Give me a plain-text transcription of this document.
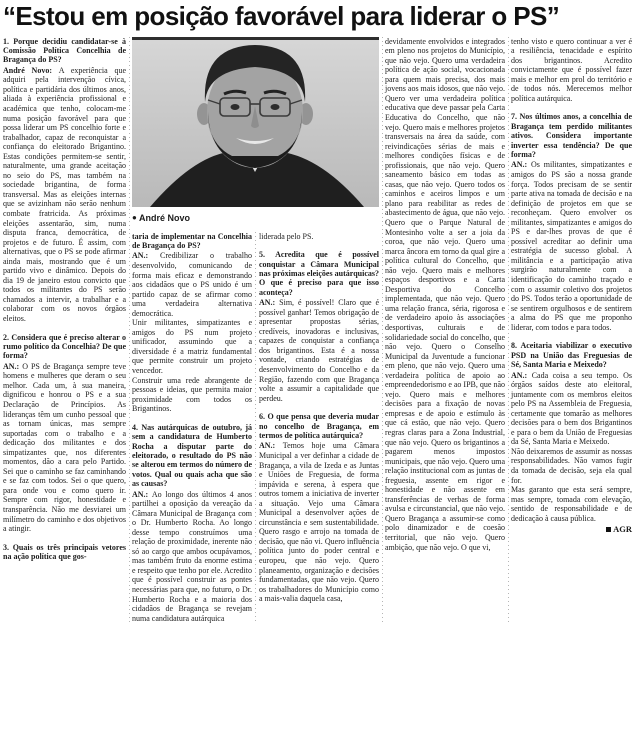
“Estou em posição favorável para liderar o PS”

1. Porque decidiu candidatar-se à Comissão Política Concelhia de Bragança do PS?

André Novo: A experiência que adquiri pela intervenção cívica, política e partidária dos últimos anos, aliada à experiência profissional e académica que tenho, colocam-me numa posição favorável para que possa liderar um PS concelhio forte e trabalhador, capaz de reconquistar a confiança do eleitorado Brigantino. Estas condições permitem-se sentir, naturalmente, uma grande aceitação no seio do PS, mas também na sociedade brigantina, de forma transversal. Mas as eleições internas que se avizinham não serão nenhum combate fratricida. As próximas eleições assentarão, sim, numa disputa franca, democrática, de projetos e de futuro. É assim, com alternativas, que o PS se pode afirmar ainda mais, mostrando que é um partido vivo e dinâmico. Depois do dia 19 de janeiro estou convicto que todos os militantes do PS serão chamados a intervir, a trabalhar e a colaborar com os novos órgãos eleitos.

2. Considera que é preciso alterar o rumo político da Concelhia? De que forma?

AN.: O PS de Bragança sempre teve homens e mulheres que deram o seu melhor. Cada um, à sua maneira, dignificou e honrou o PS e a sua Declaração de Princípios. As lideranças têm um cunho pessoal que as tornam únicas, mas sempre suportadas com o trabalho e a dedicação dos militantes e dos simpatizantes que, nos diferentes momentos, dão a cara pelo Partido. Sei que o caminho se faz caminhando e se faz com todos. Sei o que quero, para onde vou e como quero ir. Sempre com rigor, honestidade e transparência. Não me desviarei um milímetro do caminho e dos objetivos a atingir.

3. Quais os três principais vetores na ação política que gos-

● André Novo

taria de implementar na Concelhia de Bragança do PS?

AN.: Credibilizar o trabalho desenvolvido, comunicando de forma mais eficaz e demonstrando aos cidadãos que o PS unido é um partido capaz de se afirmar como uma verdadeira alternativa democrática.

Unir militantes, simpatizantes e amigos do PS num projeto unificador, assumindo que a diversidade é a matriz fundamental que permite construir um projeto vencedor.

Construir uma rede abrangente de pessoas e ideias, que permita maior proximidade com todos os Brigantinos.

4. Nas autárquicas de outubro, já sem a candidatura de Humberto Rocha a disputar parte do eleitorado, o resultado do PS não se alterou em termos do número de votos. Qual ou quais acha que são as causas?

AN.: Ao longo dos últimos 4 anos partilhei a oposição da vereação da Câmara Municipal de Bragança com o Dr. Humberto Rocha. Ao longo desse tempo construímos uma relação de proximidade, inerente não só ao cargo que ambos ocupávamos, mas também fruto da enorme estima e respeito que tenho por ele. Acredito que é possível construir as pontes necessárias para que, no futuro, o Dr. Humberto Rocha e a maioria dos cidadãos de Bragança se revejam numa candidatura autárquica

liderada pelo PS.

5. Acredita que é possível conquistar a Câmara Municipal nas próximas eleições autárquicas? O que é preciso para que isso aconteça?

AN.: Sim, é possível! Claro que é possível ganhar! Temos obrigação de apresentar propostas sérias, credíveis, inovadoras e inclusivas, capazes de conquistar a confiança dos brigantinos. Esta é a nossa vontade, criando estratégias de desenvolvimento do Concelho e da Região, fazendo com que Bragança volte a assumir a capitalidade que perdeu.

6. O que pensa que deveria mudar no concelho de Bragança, em termos de política autárquica?

AN.: Temos hoje uma Câmara Municipal a ver definhar a cidade de Bragança, a vila de Izeda e as Juntas e Uniões de Freguesia, de forma impávida e serena, à espera que outros tomem a iniciativa de inverter a situação. Vejo uma Câmara Municipal a desenvolver ações de circunstância e sem sustentabilidade. Quero rasgo e arrojo na tomada de decisão, que não vi. Quero influência política junto do poder central e europeu, que não vejo. Quero planeamento, organização e decisões fundamentadas, que não vejo. Quero os trabalhadores do Município como a mais-valia daquela casa,

devidamente envolvidos e integrados em pleno nos projetos do Município, que não vejo. Quero uma verdadeira política de ação social, vocacionada para quem mais precisa, dos mais jovens aos mais idosos, que não vejo. Quero ver uma verdadeira política educativa que deve passar pela Carta Educativa do Concelho, que não vejo. Quero mais e melhores projetos transversais na área da saúde, com reivindicações sérias de mais e melhores condições físicas e de profissionais, que não vejo. Quero saneamento básico em todas as casas, que não vejo. Quero todos os caminhos e aceiros limpos e um plano para reabilitar as redes de abastecimento de água, que não vejo. Quero que o Parque Natural de Montesinho volte a ser a joia da coroa, que não vejo. Quero uma marca âncora em torno da qual gire a política cultural do Concelho, que não vejo. Quero mais e melhores espaços desportivos e a Carta Desportiva do Concelho implementada, que não vejo. Quero uma relação franca, séria, rigorosa e de verdadeiro apoio às associações desportivas, culturais e de solidariedade social do concelho, que não vejo. Quero o Conselho Municipal da Juventude a funcionar em pleno, que não vejo. Quero uma verdadeira política de apoio ao empreendedorismo e ao IPB, que não vejo. Quero mais e melhores decisões para a fixação de novas empresas e de apoio e estímulo às que cá estão, que não vejo. Quero regras claras para a Zona Industrial, que não vejo. Quero os brigantinos a pagarem menos impostos municipais, que não vejo. Quero uma relação institucional com as juntas de freguesia, assente em rigor e honestidade e não assente em transferências de verbas de forma avulsa e circunstancial, que não vejo. Quero Bragança a assumir-se como polo dinamizador e de coesão territorial, que não vejo. Quero ambição, que não vejo. O que vi,

tenho visto e quero continuar a ver é a resiliência, tenacidade e espírito dos brigantinos. Acredito convictamente que é possível fazer mais e melhor em prol do território e de todos nós. Merecemos melhor política autárquica.

7. Nos últimos anos, a concelhia de Bragança tem perdido militantes ativos. Considera importante inverter essa tendência? De que forma?

AN.: Os militantes, simpatizantes e amigos do PS são a nossa grande força. Todos precisam de se sentir parte ativa na tomada de decisão e na definição de projetos em que se reconheçam. Quero envolver os militantes, simpatizantes e amigos do PS e dar-lhes provas de que é possível acreditar ao definir uma estratégia de sucesso global. A militância e a participação ativa surgirão naturalmente com a identificação do caminho traçado e com o assumir coletivo dos projetos do PS. Todos terão a oportunidade de se sentirem orgulhosos e de sentirem a alma do PS que me proponho liderar, com todos e para todos.

8. Aceitaria viabilizar o executivo PSD na União das Freguesias de Sé, Santa Maria e Meixedo?

AN.: Cada coisa a seu tempo. Os órgãos saídos deste ato eleitoral, juntamente com os membros eleitos pelo PS na Assembleia de Freguesia, certamente que tomarão as melhores decisões para o bem dos Brigantinos e para o bem da União de Freguesias da Sé, Santa Maria e Meixedo.

Não deixaremos de assumir as nossas responsabilidades. Não vamos fugir da tomada de decisão, seja ela qual for.

Mas garanto que esta será sempre, mas sempre, tomada com elevação, sentido de responsabilidade e de dedicação à causa pública.

AGR
